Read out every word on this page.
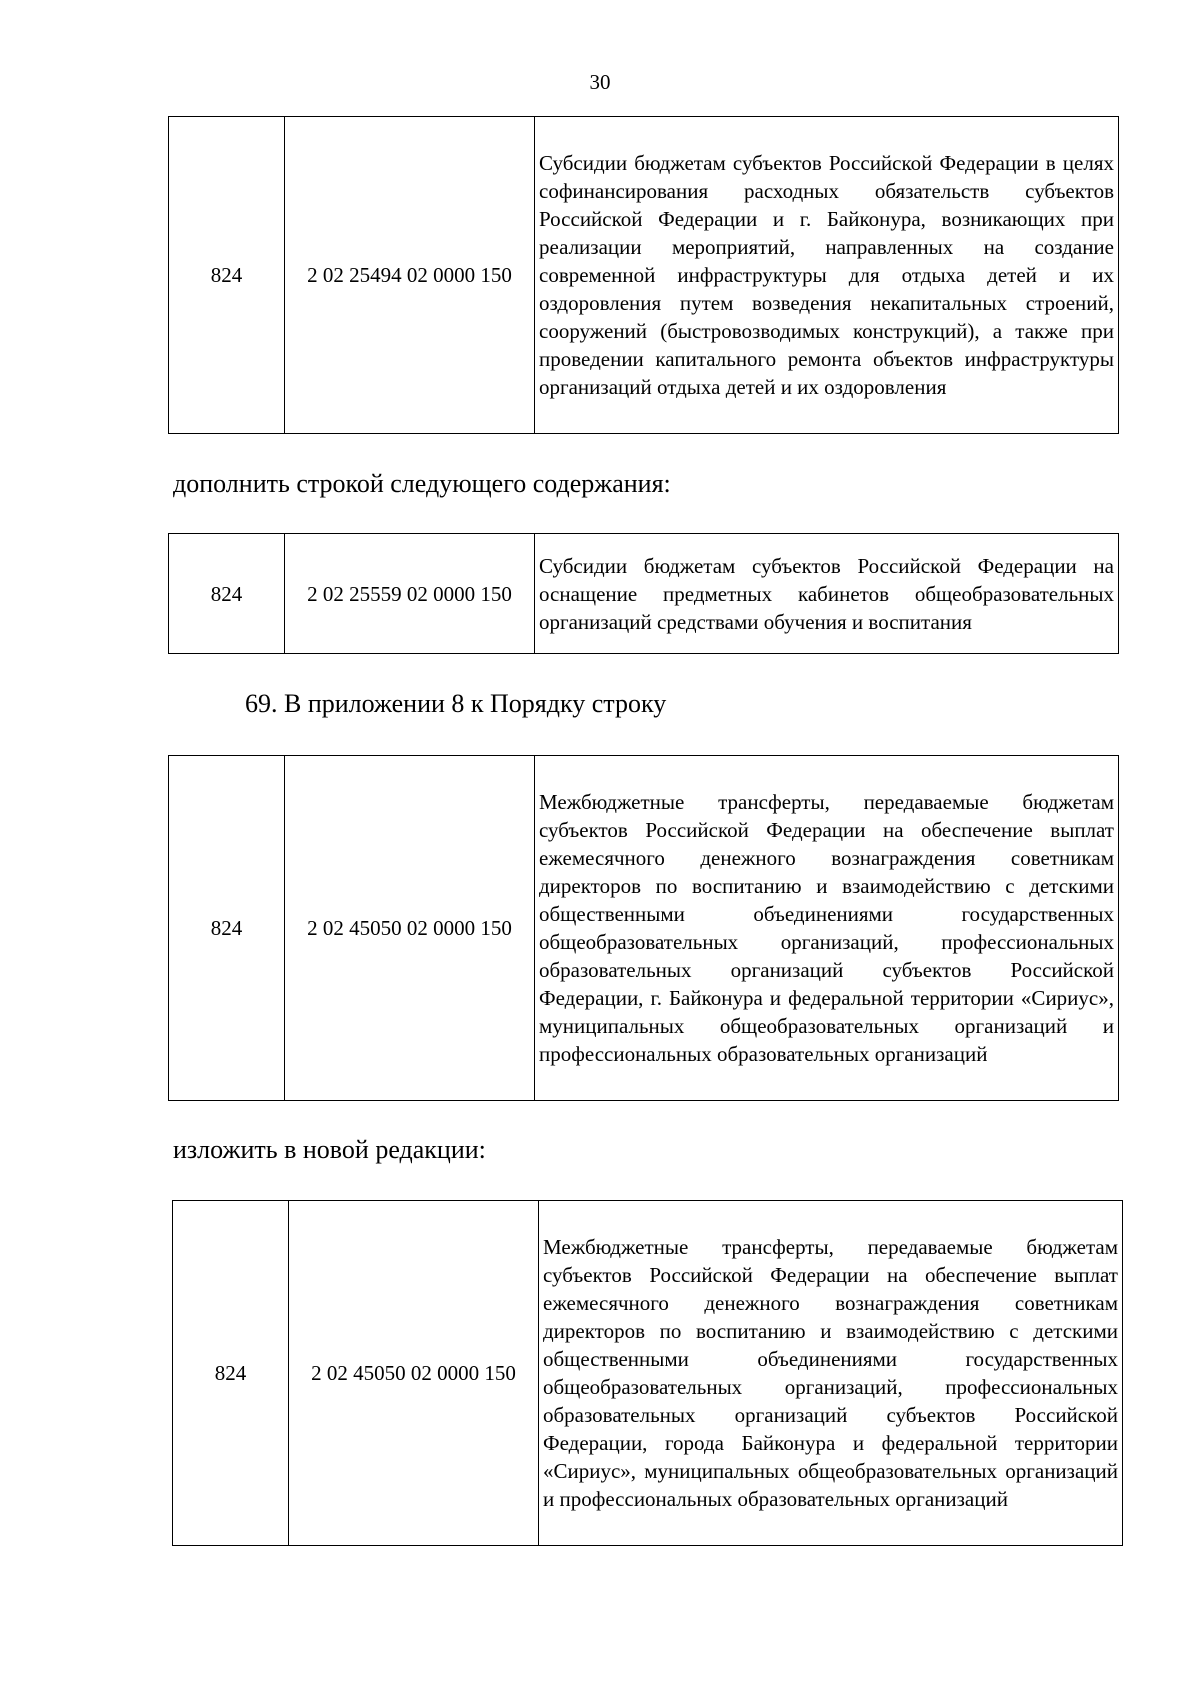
30
824	2 02 25494 02 0000 150	Субсидии бюджетам субъектов Российской Федерации в целях софинансирования расходных обязательств субъектов Российской Федерации и г. Байконура, возникающих при реализации мероприятий, направленных на создание современной инфраструктуры для отдыха детей и их оздоровления путем возведения некапитальных строений, сооружений (быстровозводимых конструкций), а также при проведении капитального ремонта объектов инфраструктуры организаций отдыха детей и их оздоровления
дополнить строкой следующего содержания:
824	2 02 25559 02 0000 150	Субсидии бюджетам субъектов Российской Федерации на оснащение предметных кабинетов общеобразовательных организаций средствами обучения и воспитания
69. В приложении 8 к Порядку строку
824	2 02 45050 02 0000 150	Межбюджетные трансферты, передаваемые бюджетам субъектов Российской Федерации на обеспечение выплат ежемесячного денежного вознаграждения советникам директоров по воспитанию и взаимодействию с детскими общественными объединениями государственных общеобразовательных организаций, профессиональных образовательных организаций субъектов Российской Федерации, г. Байконура и федеральной территории «Сириус», муниципальных общеобразовательных организаций и профессиональных образовательных организаций
изложить в новой редакции:
824	2 02 45050 02 0000 150	Межбюджетные трансферты, передаваемые бюджетам субъектов Российской Федерации на обеспечение выплат ежемесячного денежного вознаграждения советникам директоров по воспитанию и взаимодействию с детскими общественными объединениями государственных общеобразовательных организаций, профессиональных образовательных организаций субъектов Российской Федерации, города Байконура и федеральной территории «Сириус», муниципальных общеобразовательных организаций и профессиональных образовательных организаций
